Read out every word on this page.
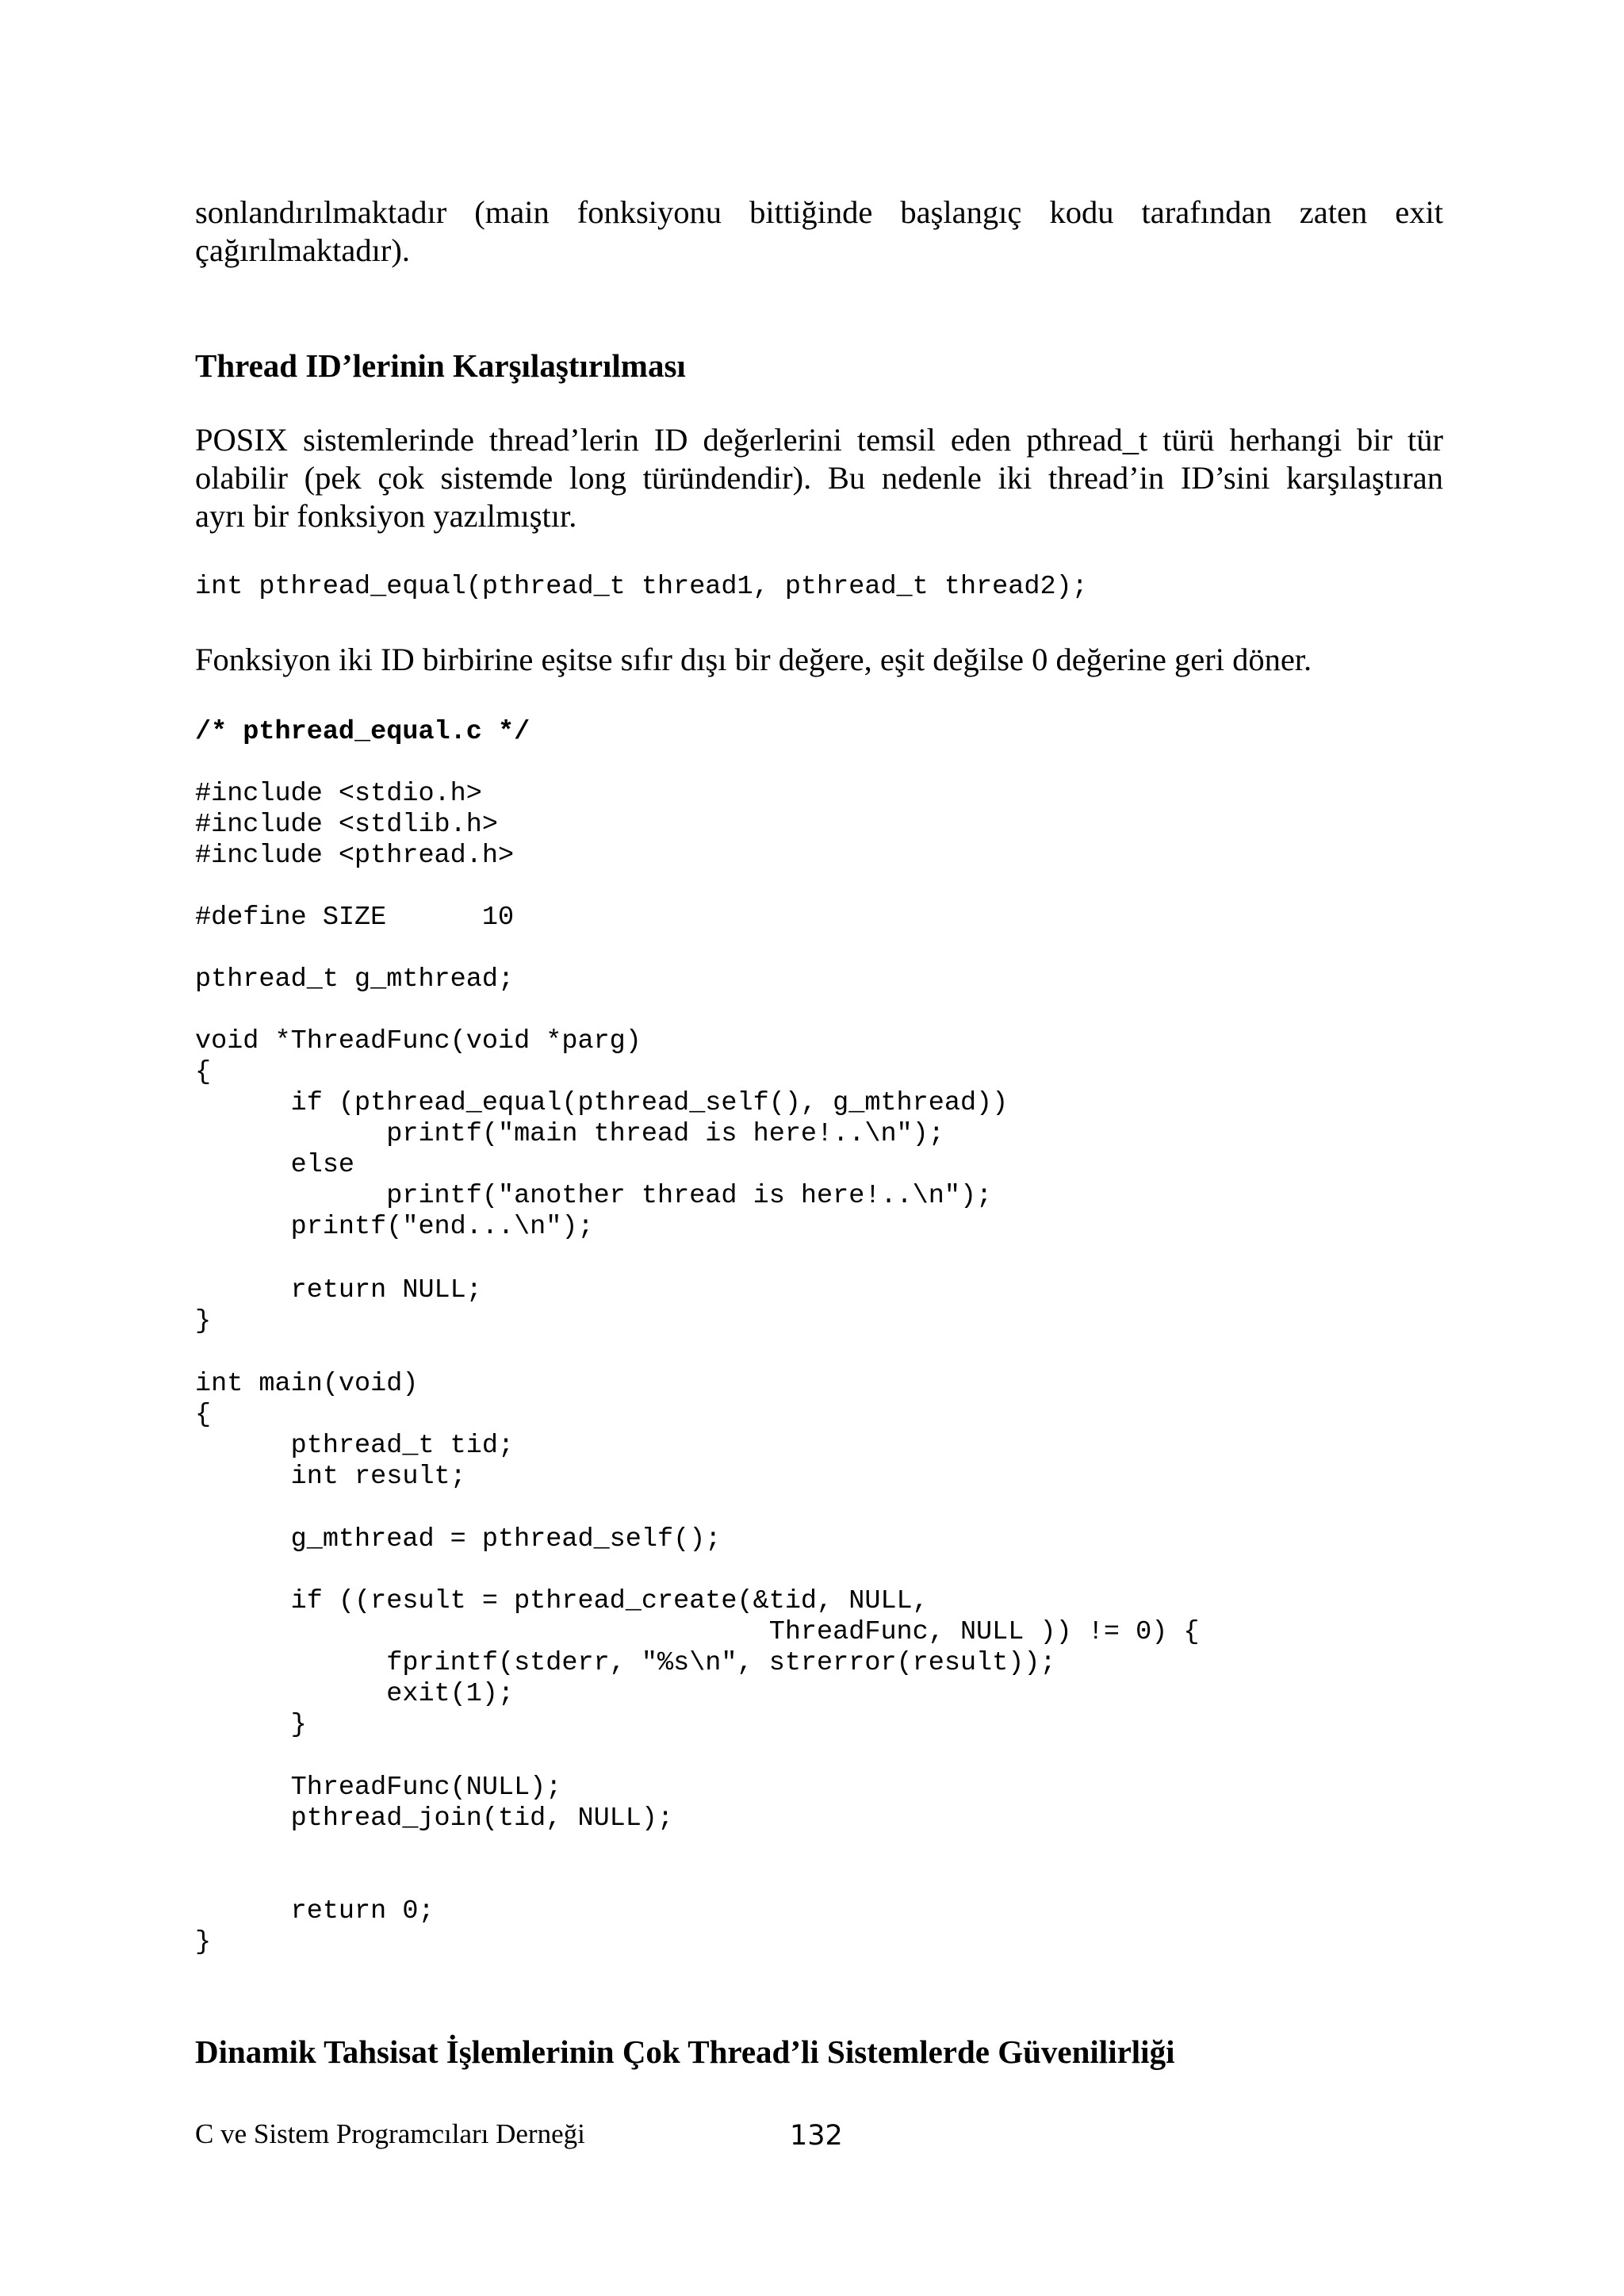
sonlandırılmaktadır (main fonksiyonu bittiğinde başlangıç kodu tarafından zaten exit
çağırılmaktadır).
Thread ID’lerinin Karşılaştırılması
POSIX sistemlerinde thread’lerin ID değerlerini temsil eden pthread_t türü herhangi bir tür
olabilir (pek çok sistemde long türündendir). Bu nedenle iki thread’in ID’sini karşılaştıran
ayrı bir fonksiyon yazılmıştır.
int pthread_equal(pthread_t thread1, pthread_t thread2);
Fonksiyon iki ID birbirine eşitse sıfır dışı bir değere, eşit değilse 0 değerine geri döner.
/* pthread_equal.c */
#include <stdio.h>
#include <stdlib.h>
#include <pthread.h>
#define SIZE      10
pthread_t g_mthread;
void *ThreadFunc(void *parg)
{
if (pthread_equal(pthread_self(), g_mthread))
printf("main thread is here!..\n");
else
printf("another thread is here!..\n");
printf("end...\n");
return NULL;
}
int main(void)
{
pthread_t tid;
int result;
g_mthread = pthread_self();
if ((result = pthread_create(&tid, NULL,
ThreadFunc, NULL )) != 0) {
fprintf(stderr, "%s\n", strerror(result));
exit(1);
}
ThreadFunc(NULL);
pthread_join(tid, NULL);
return 0;
}
Dinamik Tahsisat İşlemlerinin Çok Thread’li Sistemlerde Güvenilirliği
C ve Sistem Programcıları Derneği	132
